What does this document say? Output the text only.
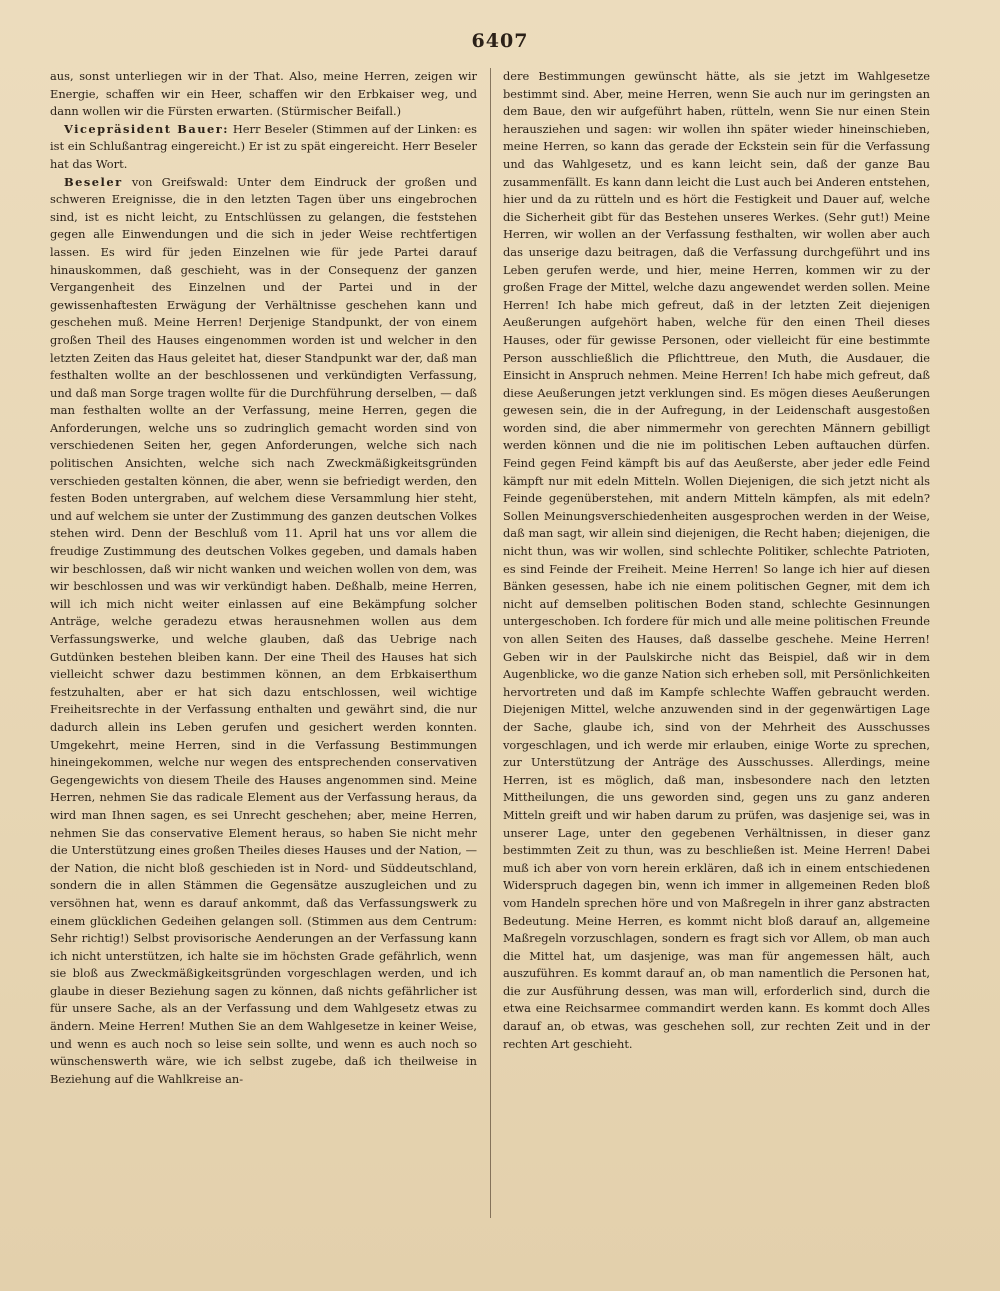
6407

aus, sonst unterliegen wir in der That. Also, meine Herren, zeigen wir Energie, schaffen wir ein Heer, schaffen wir den Erbkaiser weg, und dann wollen wir die Fürsten erwarten. (Stürmischer Beifall.)

Vicepräsident Bauer: Herr Beseler (Stimmen auf der Linken: es ist ein Schlußantrag eingereicht.) Er ist zu spät eingereicht. Herr Beseler hat das Wort.

Beseler von Greifswald: Unter dem Eindruck der großen und schweren Ereignisse, die in den letzten Tagen über uns eingebrochen sind, ist es nicht leicht, zu Entschlüssen zu gelangen, die feststehen gegen alle Einwendungen und die sich in jeder Weise rechtfertigen lassen. Es wird für jeden Einzelnen wie für jede Partei darauf hinauskommen, daß geschieht, was in der Consequenz der ganzen Vergangenheit des Einzelnen und der Partei und in der gewissenhaftesten Erwägung der Verhältnisse geschehen kann und geschehen muß. Meine Herren! Derjenige Standpunkt, der von einem großen Theil des Hauses eingenommen worden ist und welcher in den letzten Zeiten das Haus geleitet hat, dieser Standpunkt war der, daß man festhalten wollte an der beschlossenen und verkündigten Verfassung, und daß man Sorge tragen wollte für die Durchführung derselben, — daß man festhalten wollte an der Verfassung, meine Herren, gegen die Anforderungen, welche uns so zudringlich gemacht worden sind von verschiedenen Seiten her, gegen Anforderungen, welche sich nach politischen Ansichten, welche sich nach Zweckmäßigkeitsgründen verschieden gestalten können, die aber, wenn sie befriedigt werden, den festen Boden untergraben, auf welchem diese Versammlung hier steht, und auf welchem sie unter der Zustimmung des ganzen deutschen Volkes stehen wird. Denn der Beschluß vom 11. April hat uns vor allem die freudige Zustimmung des deutschen Volkes gegeben, und damals haben wir beschlossen, daß wir nicht wanken und weichen wollen von dem, was wir beschlossen und was wir verkündigt haben. Deßhalb, meine Herren, will ich mich nicht weiter einlassen auf eine Bekämpfung solcher Anträge, welche geradezu etwas herausnehmen wollen aus dem Verfassungswerke, und welche glauben, daß das Uebrige nach Gutdünken bestehen bleiben kann. Der eine Theil des Hauses hat sich vielleicht schwer dazu bestimmen können, an dem Erbkaiserthum festzuhalten, aber er hat sich dazu entschlossen, weil wichtige Freiheitsrechte in der Verfassung enthalten und gewährt sind, die nur dadurch allein ins Leben gerufen und gesichert werden konnten. Umgekehrt, meine Herren, sind in die Verfassung Bestimmungen hineingekommen, welche nur wegen des entsprechenden conservativen Gegengewichts von diesem Theile des Hauses angenommen sind. Meine Herren, nehmen Sie das radicale Element aus der Verfassung heraus, da wird man Ihnen sagen, es sei Unrecht geschehen; aber, meine Herren, nehmen Sie das conservative Element heraus, so haben Sie nicht mehr die Unterstützung eines großen Theiles dieses Hauses und der Nation, — der Nation, die nicht bloß geschieden ist in Nord- und Süddeutschland, sondern die in allen Stämmen die Gegensätze auszugleichen und zu versöhnen hat, wenn es darauf ankommt, daß das Verfassungswerk zu einem glücklichen Gedeihen gelangen soll. (Stimmen aus dem Centrum: Sehr richtig!) Selbst provisorische Aenderungen an der Verfassung kann ich nicht unterstützen, ich halte sie im höchsten Grade gefährlich, wenn sie bloß aus Zweckmäßigkeitsgründen vorgeschlagen werden, und ich glaube in dieser Beziehung sagen zu können, daß nichts gefährlicher ist für unsere Sache, als an der Verfassung und dem Wahlgesetz etwas zu ändern. Meine Herren! Muthen Sie an dem Wahlgesetze in keiner Weise, und wenn es auch noch so leise sein sollte, und wenn es auch noch so wünschenswerth wäre, wie ich selbst zugebe, daß ich theilweise in Beziehung auf die Wahlkreise an-

dere Bestimmungen gewünscht hätte, als sie jetzt im Wahlgesetze bestimmt sind. Aber, meine Herren, wenn Sie auch nur im geringsten an dem Baue, den wir aufgeführt haben, rütteln, wenn Sie nur einen Stein herausziehen und sagen: wir wollen ihn später wieder hineinschieben, meine Herren, so kann das gerade der Eckstein sein für die Verfassung und das Wahlgesetz, und es kann leicht sein, daß der ganze Bau zusammenfällt. Es kann dann leicht die Lust auch bei Anderen entstehen, hier und da zu rütteln und es hört die Festigkeit und Dauer auf, welche die Sicherheit gibt für das Bestehen unseres Werkes. (Sehr gut!) Meine Herren, wir wollen an der Verfassung festhalten, wir wollen aber auch das unserige dazu beitragen, daß die Verfassung durchgeführt und ins Leben gerufen werde, und hier, meine Herren, kommen wir zu der großen Frage der Mittel, welche dazu angewendet werden sollen. Meine Herren! Ich habe mich gefreut, daß in der letzten Zeit diejenigen Aeußerungen aufgehört haben, welche für den einen Theil dieses Hauses, oder für gewisse Personen, oder vielleicht für eine bestimmte Person ausschließlich die Pflichttreue, den Muth, die Ausdauer, die Einsicht in Anspruch nehmen. Meine Herren! Ich habe mich gefreut, daß diese Aeußerungen jetzt verklungen sind. Es mögen dieses Aeußerungen gewesen sein, die in der Aufregung, in der Leidenschaft ausgestoßen worden sind, die aber nimmermehr von gerechten Männern gebilligt werden können und die nie im politischen Leben auftauchen dürfen. Feind gegen Feind kämpft bis auf das Aeußerste, aber jeder edle Feind kämpft nur mit edeln Mitteln. Wollen Diejenigen, die sich jetzt nicht als Feinde gegenüberstehen, mit andern Mitteln kämpfen, als mit edeln? Sollen Meinungsverschiedenheiten ausgesprochen werden in der Weise, daß man sagt, wir allein sind diejenigen, die Recht haben; diejenigen, die nicht thun, was wir wollen, sind schlechte Politiker, schlechte Patrioten, es sind Feinde der Freiheit. Meine Herren! So lange ich hier auf diesen Bänken gesessen, habe ich nie einem politischen Gegner, mit dem ich nicht auf demselben politischen Boden stand, schlechte Gesinnungen untergeschoben. Ich fordere für mich und alle meine politischen Freunde von allen Seiten des Hauses, daß dasselbe geschehe. Meine Herren! Geben wir in der Paulskirche nicht das Beispiel, daß wir in dem Augenblicke, wo die ganze Nation sich erheben soll, mit Persönlichkeiten hervortreten und daß im Kampfe schlechte Waffen gebraucht werden. Diejenigen Mittel, welche anzuwenden sind in der gegenwärtigen Lage der Sache, glaube ich, sind von der Mehrheit des Ausschusses vorgeschlagen, und ich werde mir erlauben, einige Worte zu sprechen, zur Unterstützung der Anträge des Ausschusses. Allerdings, meine Herren, ist es möglich, daß man, insbesondere nach den letzten Mittheilungen, die uns geworden sind, gegen uns zu ganz anderen Mitteln greift und wir haben darum zu prüfen, was dasjenige sei, was in unserer Lage, unter den gegebenen Verhältnissen, in dieser ganz bestimmten Zeit zu thun, was zu beschließen ist. Meine Herren! Dabei muß ich aber von vorn herein erklären, daß ich in einem entschiedenen Widerspruch dagegen bin, wenn ich immer in allgemeinen Reden bloß vom Handeln sprechen höre und von Maßregeln in ihrer ganz abstracten Bedeutung. Meine Herren, es kommt nicht bloß darauf an, allgemeine Maßregeln vorzuschlagen, sondern es fragt sich vor Allem, ob man auch die Mittel hat, um dasjenige, was man für angemessen hält, auch auszuführen. Es kommt darauf an, ob man namentlich die Personen hat, die zur Ausführung dessen, was man will, erforderlich sind, durch die etwa eine Reichsarmee commandirt werden kann. Es kommt doch Alles darauf an, ob etwas, was geschehen soll, zur rechten Zeit und in der rechten Art geschieht.
